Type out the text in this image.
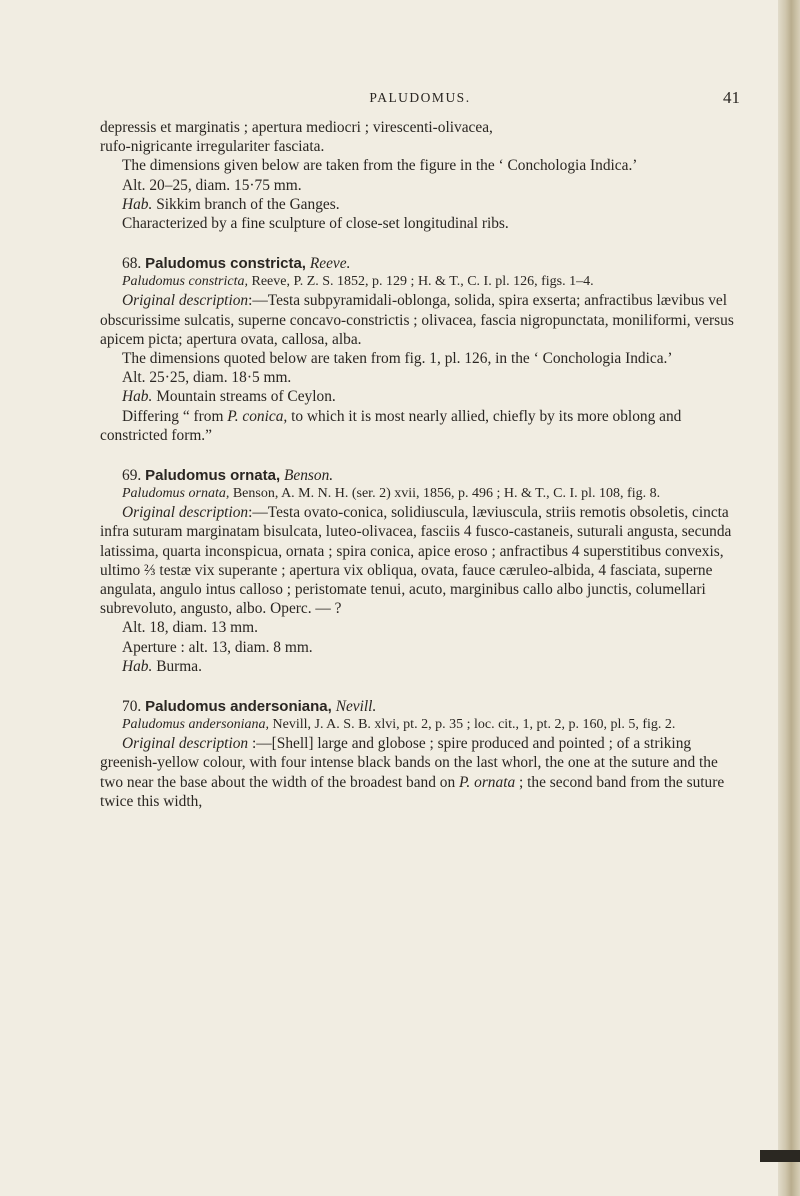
PALUDOMUS.	41

depressis et marginatis ; apertura mediocri ; virescenti-olivacea,

rufo-nigricante irregulariter fasciata.

The dimensions given below are taken from the figure in the ‘ Conchologia Indica.’

Alt. 20–25, diam. 15·75 mm.

Hab. Sikkim branch of the Ganges.

Characterized by a fine sculpture of close-set longitudinal ribs.

68. Paludomus constricta, Reeve.

Paludomus constricta, Reeve, P. Z. S. 1852, p. 129 ; H. & T., C. I. pl. 126, figs. 1–4.

Original description:—Testa subpyramidali-oblonga, solida, spira exserta; anfractibus lævibus vel obscurissime sulcatis, superne concavo-constrictis ; olivacea, fascia nigropunctata, moniliformi, versus apicem picta; apertura ovata, callosa, alba.

The dimensions quoted below are taken from fig. 1, pl. 126, in the ‘ Conchologia Indica.’

Alt. 25·25, diam. 18·5 mm.

Hab. Mountain streams of Ceylon.

Differing “ from P. conica, to which it is most nearly allied, chiefly by its more oblong and constricted form.”

69. Paludomus ornata, Benson.

Paludomus ornata, Benson, A. M. N. H. (ser. 2) xvii, 1856, p. 496 ; H. & T., C. I. pl. 108, fig. 8.

Original description:—Testa ovato-conica, solidiuscula, læviuscula, striis remotis obsoletis, cincta infra suturam marginatam bisulcata, luteo-olivacea, fasciis 4 fusco-castaneis, suturali angusta, secunda latissima, quarta inconspicua, ornata ; spira conica, apice eroso ; anfractibus 4 superstitibus convexis, ultimo ⅔ testæ vix superante ; apertura vix obliqua, ovata, fauce cæruleo-albida, 4 fasciata, superne angulata, angulo intus calloso ; peristomate tenui, acuto, marginibus callo albo junctis, columellari subrevoluto, angusto, albo. Operc. — ?

Alt. 18, diam. 13 mm.

Aperture : alt. 13, diam. 8 mm.

Hab. Burma.

70. Paludomus andersoniana, Nevill.

Paludomus andersoniana, Nevill, J. A. S. B. xlvi, pt. 2, p. 35 ; loc. cit., 1, pt. 2, p. 160, pl. 5, fig. 2.

Original description :—[Shell] large and globose ; spire produced and pointed ; of a striking greenish-yellow colour, with four intense black bands on the last whorl, the one at the suture and the two near the base about the width of the broadest band on P. ornata ; the second band from the suture twice this width,
